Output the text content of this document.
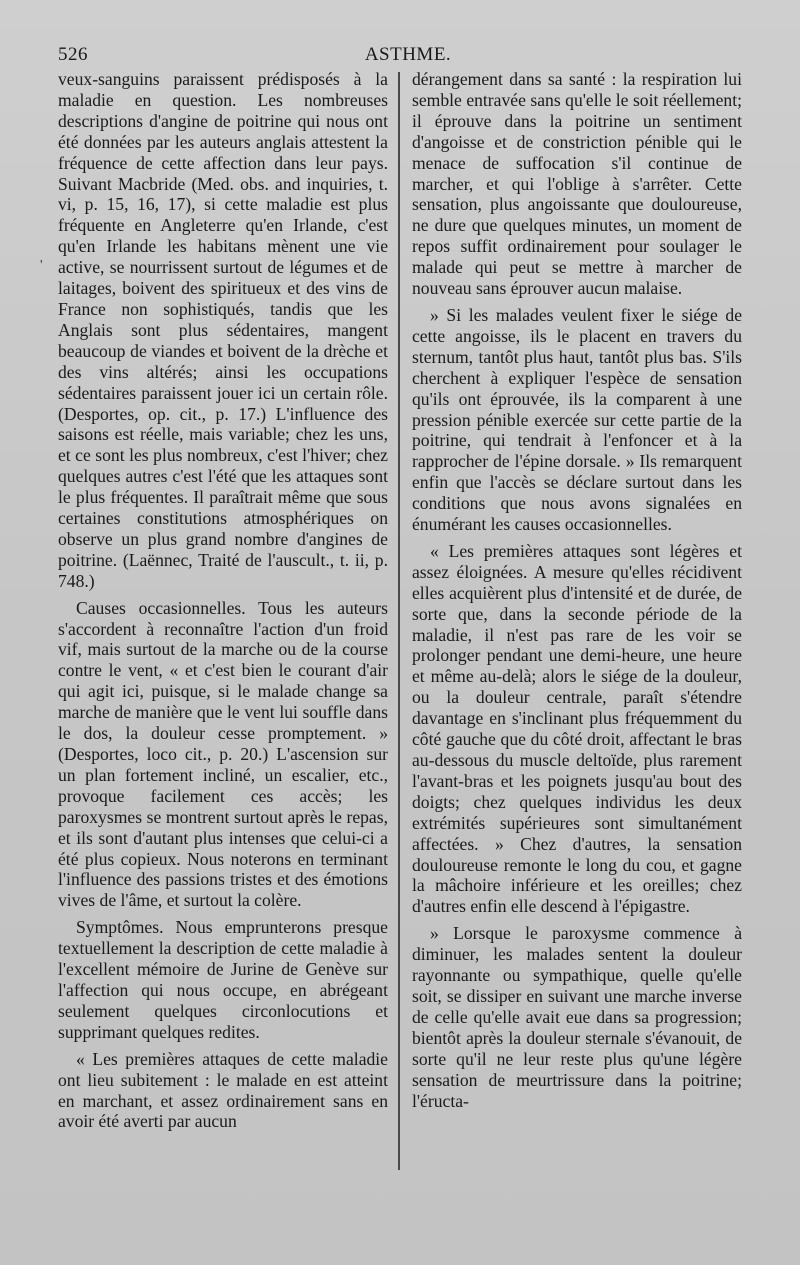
526	ASTHME.
'

veux-sanguins paraissent prédisposés à la maladie en question. Les nombreuses descriptions d'angine de poitrine qui nous ont été données par les auteurs anglais attestent la fréquence de cette affection dans leur pays. Suivant Macbride (Med. obs. and inquiries, t. vi, p. 15, 16, 17), si cette maladie est plus fréquente en Angleterre qu'en Irlande, c'est qu'en Irlande les habitans mènent une vie active, se nourrissent surtout de légumes et de laitages, boivent des spiritueux et des vins de France non sophistiqués, tandis que les Anglais sont plus sédentaires, mangent beaucoup de viandes et boivent de la drèche et des vins altérés; ainsi les occupations sédentaires paraissent jouer ici un certain rôle. (Desportes, op. cit., p. 17.) L'influence des saisons est réelle, mais variable; chez les uns, et ce sont les plus nombreux, c'est l'hiver; chez quelques autres c'est l'été que les attaques sont le plus fréquentes. Il paraîtrait même que sous certaines constitutions atmosphériques on observe un plus grand nombre d'angines de poitrine. (Laënnec, Traité de l'auscult., t. ii, p. 748.)

Causes occasionnelles. Tous les auteurs s'accordent à reconnaître l'action d'un froid vif, mais surtout de la marche ou de la course contre le vent, « et c'est bien le courant d'air qui agit ici, puisque, si le malade change sa marche de manière que le vent lui souffle dans le dos, la douleur cesse promptement. » (Desportes, loco cit., p. 20.) L'ascension sur un plan fortement incliné, un escalier, etc., provoque facilement ces accès; les paroxysmes se montrent surtout après le repas, et ils sont d'autant plus intenses que celui-ci a été plus copieux. Nous noterons en terminant l'influence des passions tristes et des émotions vives de l'âme, et surtout la colère.

Symptômes. Nous emprunterons presque textuellement la description de cette maladie à l'excellent mémoire de Jurine de Genève sur l'affection qui nous occupe, en abrégeant seulement quelques circonlocutions et supprimant quelques redites.

« Les premières attaques de cette maladie ont lieu subitement : le malade en est atteint en marchant, et assez ordinairement sans en avoir été averti par aucun

dérangement dans sa santé : la respiration lui semble entravée sans qu'elle le soit réellement; il éprouve dans la poitrine un sentiment d'angoisse et de constriction pénible qui le menace de suffocation s'il continue de marcher, et qui l'oblige à s'arrêter. Cette sensation, plus angoissante que douloureuse, ne dure que quelques minutes, un moment de repos suffit ordinairement pour soulager le malade qui peut se mettre à marcher de nouveau sans éprouver aucun malaise.

» Si les malades veulent fixer le siége de cette angoisse, ils le placent en travers du sternum, tantôt plus haut, tantôt plus bas. S'ils cherchent à expliquer l'espèce de sensation qu'ils ont éprouvée, ils la comparent à une pression pénible exercée sur cette partie de la poitrine, qui tendrait à l'enfoncer et à la rapprocher de l'épine dorsale. » Ils remarquent enfin que l'accès se déclare surtout dans les conditions que nous avons signalées en énumérant les causes occasionnelles.

« Les premières attaques sont légères et assez éloignées. A mesure qu'elles récidivent elles acquièrent plus d'intensité et de durée, de sorte que, dans la seconde période de la maladie, il n'est pas rare de les voir se prolonger pendant une demi-heure, une heure et même au-delà; alors le siége de la douleur, ou la douleur centrale, paraît s'étendre davantage en s'inclinant plus fréquemment du côté gauche que du côté droit, affectant le bras au-dessous du muscle deltoïde, plus rarement l'avant-bras et les poignets jusqu'au bout des doigts; chez quelques individus les deux extrémités supérieures sont simultanément affectées. » Chez d'autres, la sensation douloureuse remonte le long du cou, et gagne la mâchoire inférieure et les oreilles; chez d'autres enfin elle descend à l'épigastre.

» Lorsque le paroxysme commence à diminuer, les malades sentent la douleur rayonnante ou sympathique, quelle qu'elle soit, se dissiper en suivant une marche inverse de celle qu'elle avait eue dans sa progression; bientôt après la douleur sternale s'évanouit, de sorte qu'il ne leur reste plus qu'une légère sensation de meurtrissure dans la poitrine; l'éructa-
